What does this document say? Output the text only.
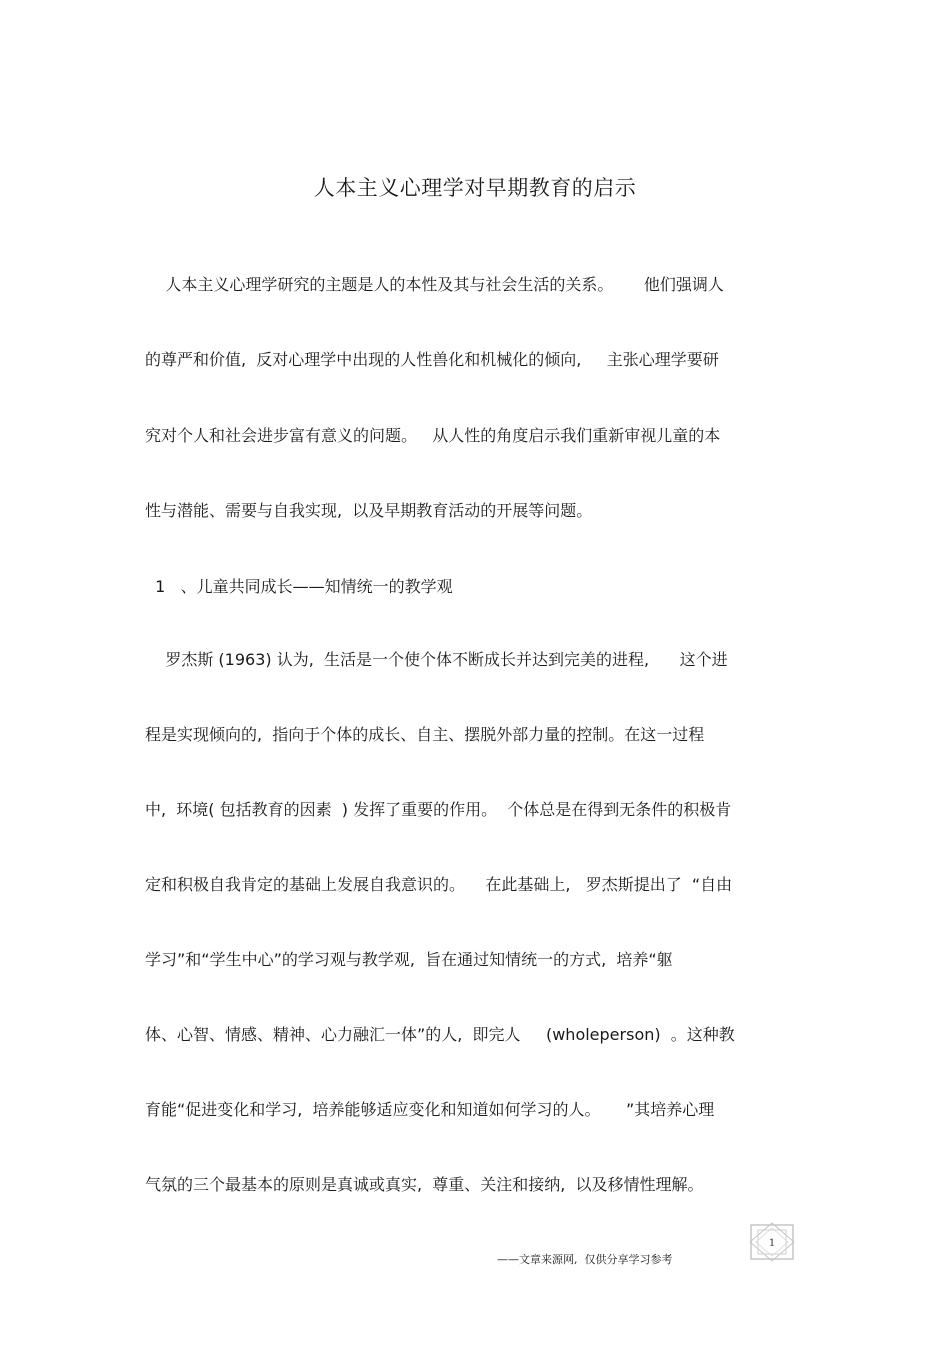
人本主义心理学对早期教育的启示
人本主义心理学研究的主题是人的本性及其与社会生活的关系。      他们强调人
的尊严和价值,  反对心理学中出现的人性兽化和机械化的倾向,     主张心理学要研
究对个人和社会进步富有意义的问题。   从人性的角度启示我们重新审视儿童的本
性与潜能、需要与自我实现,  以及早期教育活动的开展等问题。
1   、儿童共同成长——知情统一的教学观
罗杰斯 (1963) 认为,  生活是一个使个体不断成长并达到完美的进程,      这个进
程是实现倾向的,  指向于个体的成长、自主、摆脱外部力量的控制。在这一过程
中,  环境( 包括教育的因素  ) 发挥了重要的作用。  个体总是在得到无条件的积极肯
定和积极自我肯定的基础上发展自我意识的。    在此基础上,   罗杰斯提出了  “自由
学习”和“学生中心”的学习观与教学观,  旨在通过知情统一的方式,  培养“躯
体、心智、情感、精神、心力融汇一体”的人,  即完人     (wholeperson)  。这种教
育能“促进变化和学习,  培养能够适应变化和知道如何学习的人。     ”其培养心理
气氛的三个最基本的原则是真诚或真实,  尊重、关注和接纳,  以及移情性理解。
——文章来源网,  仅供分享学习参考
1
